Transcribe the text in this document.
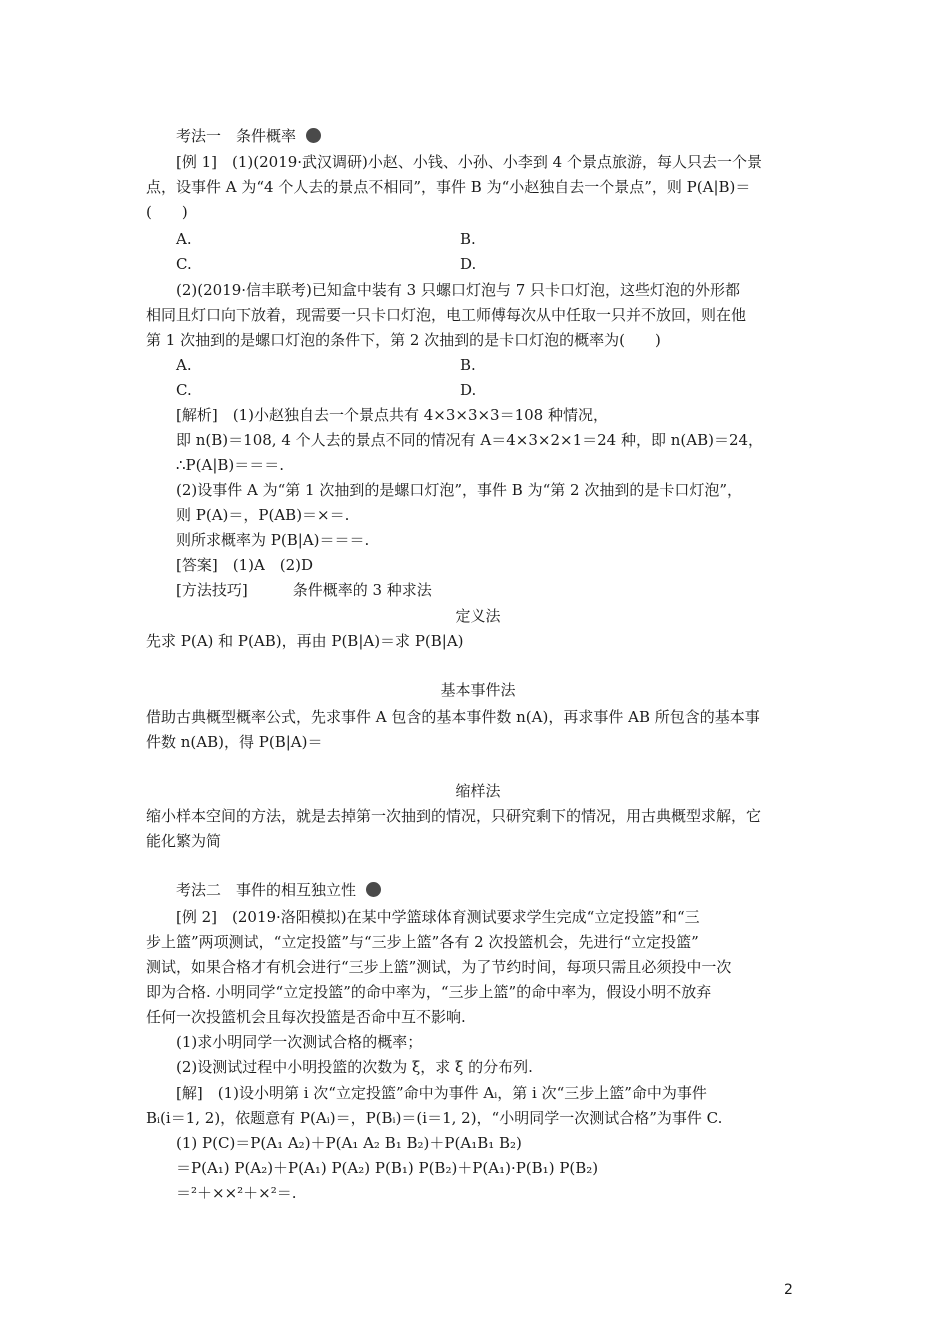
考法一　条件概率
[例 1]　(1)(2019·武汉调研)小赵、小钱、小孙、小李到 4 个景点旅游，每人只去一个景
点，设事件 A 为“4 个人去的景点不相同”，事件 B 为“小赵独自去一个景点”，则 P(A|B)＝
(　　)
A.	B.
C.	D.
(2)(2019·信丰联考)已知盒中装有 3 只螺口灯泡与 7 只卡口灯泡，这些灯泡的外形都
相同且灯口向下放着，现需要一只卡口灯泡，电工师傅每次从中任取一只并不放回，则在他
第 1 次抽到的是螺口灯泡的条件下，第 2 次抽到的是卡口灯泡的概率为(　　)
A.	B.
C.	D.
[解析]　(1)小赵独自去一个景点共有 4×3×3×3＝108 种情况，
即 n(B)＝108, 4 个人去的景点不同的情况有 A＝4×3×2×1＝24 种，即 n(AB)＝24，
∴P(A|B)＝＝＝.
(2)设事件 A 为“第 1 次抽到的是螺口灯泡”，事件 B 为“第 2 次抽到的是卡口灯泡”，
则 P(A)＝，P(AB)＝×＝.
则所求概率为 P(B|A)＝＝＝.
[答案]　(1)A　(2)D
[方法技巧]　　　条件概率的 3 种求法
定义法
先求 P(A) 和 P(AB)，再由 P(B|A)＝求 P(B|A)
基本事件法
借助古典概型概率公式，先求事件 A 包含的基本事件数 n(A)，再求事件 AB 所包含的基本事
件数 n(AB)，得 P(B|A)＝
缩样法
缩小样本空间的方法，就是去掉第一次抽到的情况，只研究剩下的情况，用古典概型求解，它
能化繁为简
考法二　事件的相互独立性
[例 2]　(2019·洛阳模拟)在某中学篮球体育测试要求学生完成“立定投篮”和“三
步上篮”两项测试，“立定投篮”与“三步上篮”各有 2 次投篮机会，先进行“立定投篮”
测试，如果合格才有机会进行“三步上篮”测试，为了节约时间，每项只需且必须投中一次
即为合格. 小明同学“立定投篮”的命中率为，“三步上篮”的命中率为，假设小明不放弃
任何一次投篮机会且每次投篮是否命中互不影响.
(1)求小明同学一次测试合格的概率；
(2)设测试过程中小明投篮的次数为 ξ，求 ξ 的分布列.
[解]　(1)设小明第 i 次“立定投篮”命中为事件 Aᵢ，第 i 次“三步上篮”命中为事件
Bᵢ(i＝1, 2)，依题意有 P(Aᵢ)＝，P(Bᵢ)＝(i＝1, 2)，“小明同学一次测试合格”为事件 C.
(1) P(C)＝P(A₁ A₂)＋P(A₁ A₂ B₁ B₂)＋P(A₁B₁ B₂)
＝P(A₁) P(A₂)＋P(A₁) P(A₂) P(B₁) P(B₂)＋P(A₁)·P(B₁) P(B₂)
＝²＋××²＋×²＝.
2
